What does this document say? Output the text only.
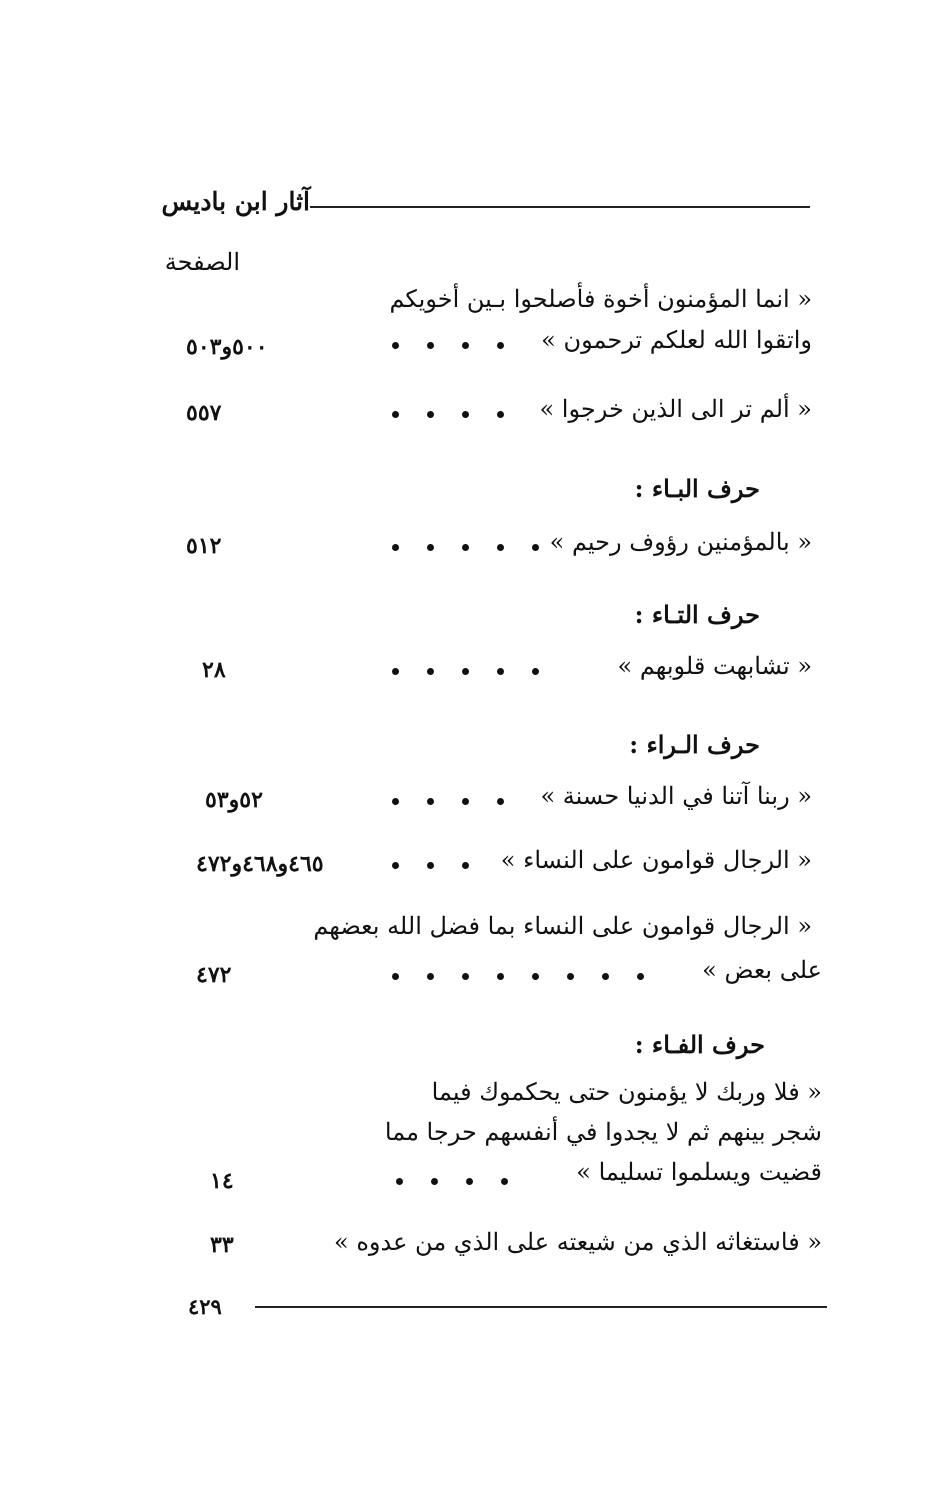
آثار ابن باديس
الصفحة
« انما المؤمنون أخوة فأصلحوا بـين أخويكم
واتقوا الله لعلكم ترحمون »
٥٠٠و٥٠٣
« ألم تر الى الذين خرجوا »
٥٥٧
حرف البـاء :
« بالمؤمنين رؤوف رحيم »
٥١٢
حرف التـاء :
« تشابهت قلوبهم »
٢٨
حرف الـراء :
« ربنا آتنا في الدنيا حسنة »
٥٢و٥٣
« الرجال قوامون على النساء »
٤٦٥و٤٦٨و٤٧٢
« الرجال قوامون على النساء بما فضل الله بعضهم
على بعض »
٤٧٢
حرف الفـاء :
« فلا وربك لا يؤمنون حتى يحكموك فيما
شجر بينهم ثم لا يجدوا في أنفسهم حرجا مما
قضيت ويسلموا تسليما »
١٤
« فاستغاثه الذي من شيعته على الذي من عدوه »
٣٣
٤٢٩
